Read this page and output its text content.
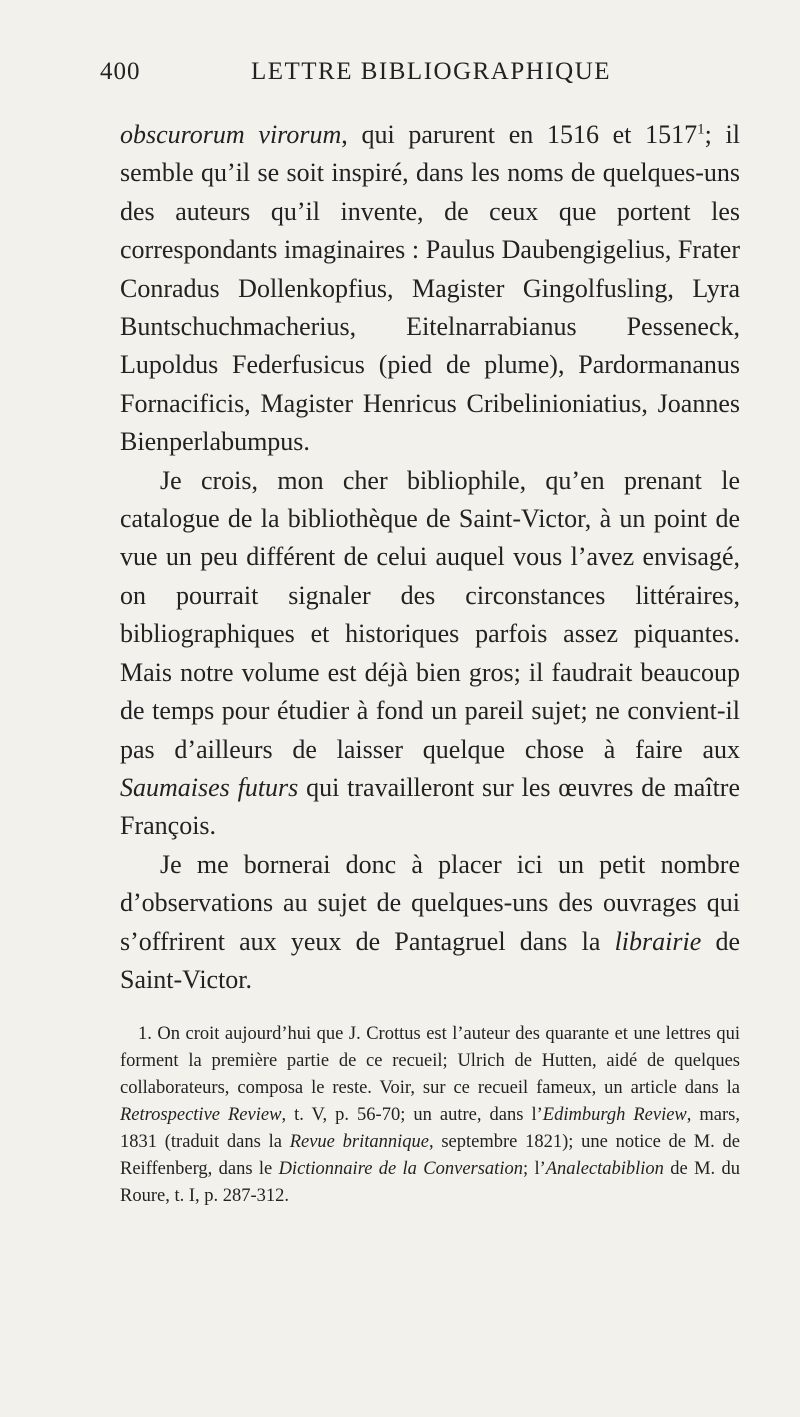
400	LETTRE BIBLIOGRAPHIQUE

obscurorum virorum, qui parurent en 1516 et 1517$^1$; il semble qu’il se soit inspiré, dans les noms de quelques-uns des auteurs qu’il invente, de ceux que portent les correspondants imaginaires : Paulus Daubengigelius, Frater Conradus Dollenkopfius, Magister Gingolfusling, Lyra Buntschuchmacherius, Eitelnarrabianus Pesseneck, Lupoldus Federfusicus (pied de plume), Pardormananus Fornacificis, Magister Henricus Cribelinioniatius, Joannes Bienperlabumpus.

Je crois, mon cher bibliophile, qu’en prenant le catalogue de la bibliothèque de Saint-Victor, à un point de vue un peu différent de celui auquel vous l’avez envisagé, on pourrait signaler des circonstances littéraires, bibliographiques et historiques parfois assez piquantes. Mais notre volume est déjà bien gros; il faudrait beaucoup de temps pour étudier à fond un pareil sujet; ne convient-il pas d’ailleurs de laisser quelque chose à faire aux Saumaises futurs qui travailleront sur les œuvres de maître François.

Je me bornerai donc à placer ici un petit nombre d’observations au sujet de quelques-uns des ouvrages qui s’offrirent aux yeux de Pantagruel dans la librairie de Saint-Victor.

1. On croit aujourd’hui que J. Crottus est l’auteur des quarante et une lettres qui forment la première partie de ce recueil; Ulrich de Hutten, aidé de quelques collaborateurs, composa le reste. Voir, sur ce recueil fameux, un article dans la Retrospective Review, t. V, p. 56-70; un autre, dans l’Edimburgh Review, mars, 1831 (traduit dans la Revue britannique, septembre 1821); une notice de M. de Reiffenberg, dans le Dictionnaire de la Conversation; l’Analectabiblion de M. du Roure, t. I, p. 287-312.
